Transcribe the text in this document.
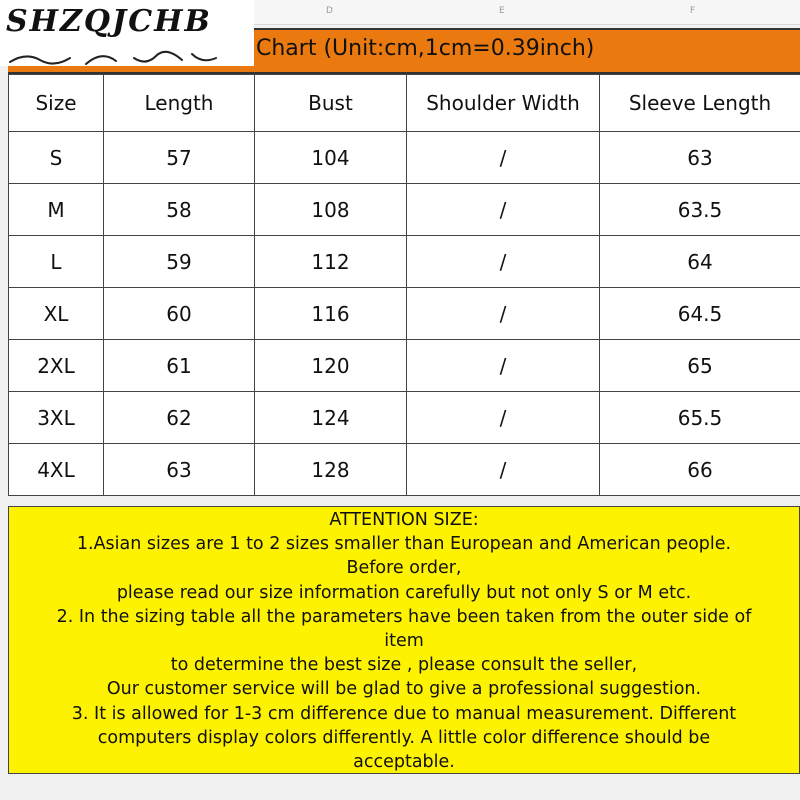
D	E	F
Chart (Unit:cm,1cm=0.39inch)
SHZQJCHB
Size	Length	Bust	Shoulder Width	Sleeve Length
S	57	104	/	63
M	58	108	/	63.5
L	59	112	/	64
XL	60	116	/	64.5
2XL	61	120	/	65
3XL	62	124	/	65.5
4XL	63	128	/	66
ATTENTION SIZE:
1.Asian sizes are 1 to 2 sizes smaller than European and American people.
Before order,
please read our size information carefully but not only S or M etc.
2. In the sizing table all the parameters have been taken from the outer side of
item
to determine the best size , please consult the seller,
Our customer service will be glad to give a professional suggestion.
3. It is allowed for 1-3 cm difference due to manual measurement. Different
computers display colors differently. A little color difference should be
acceptable.
